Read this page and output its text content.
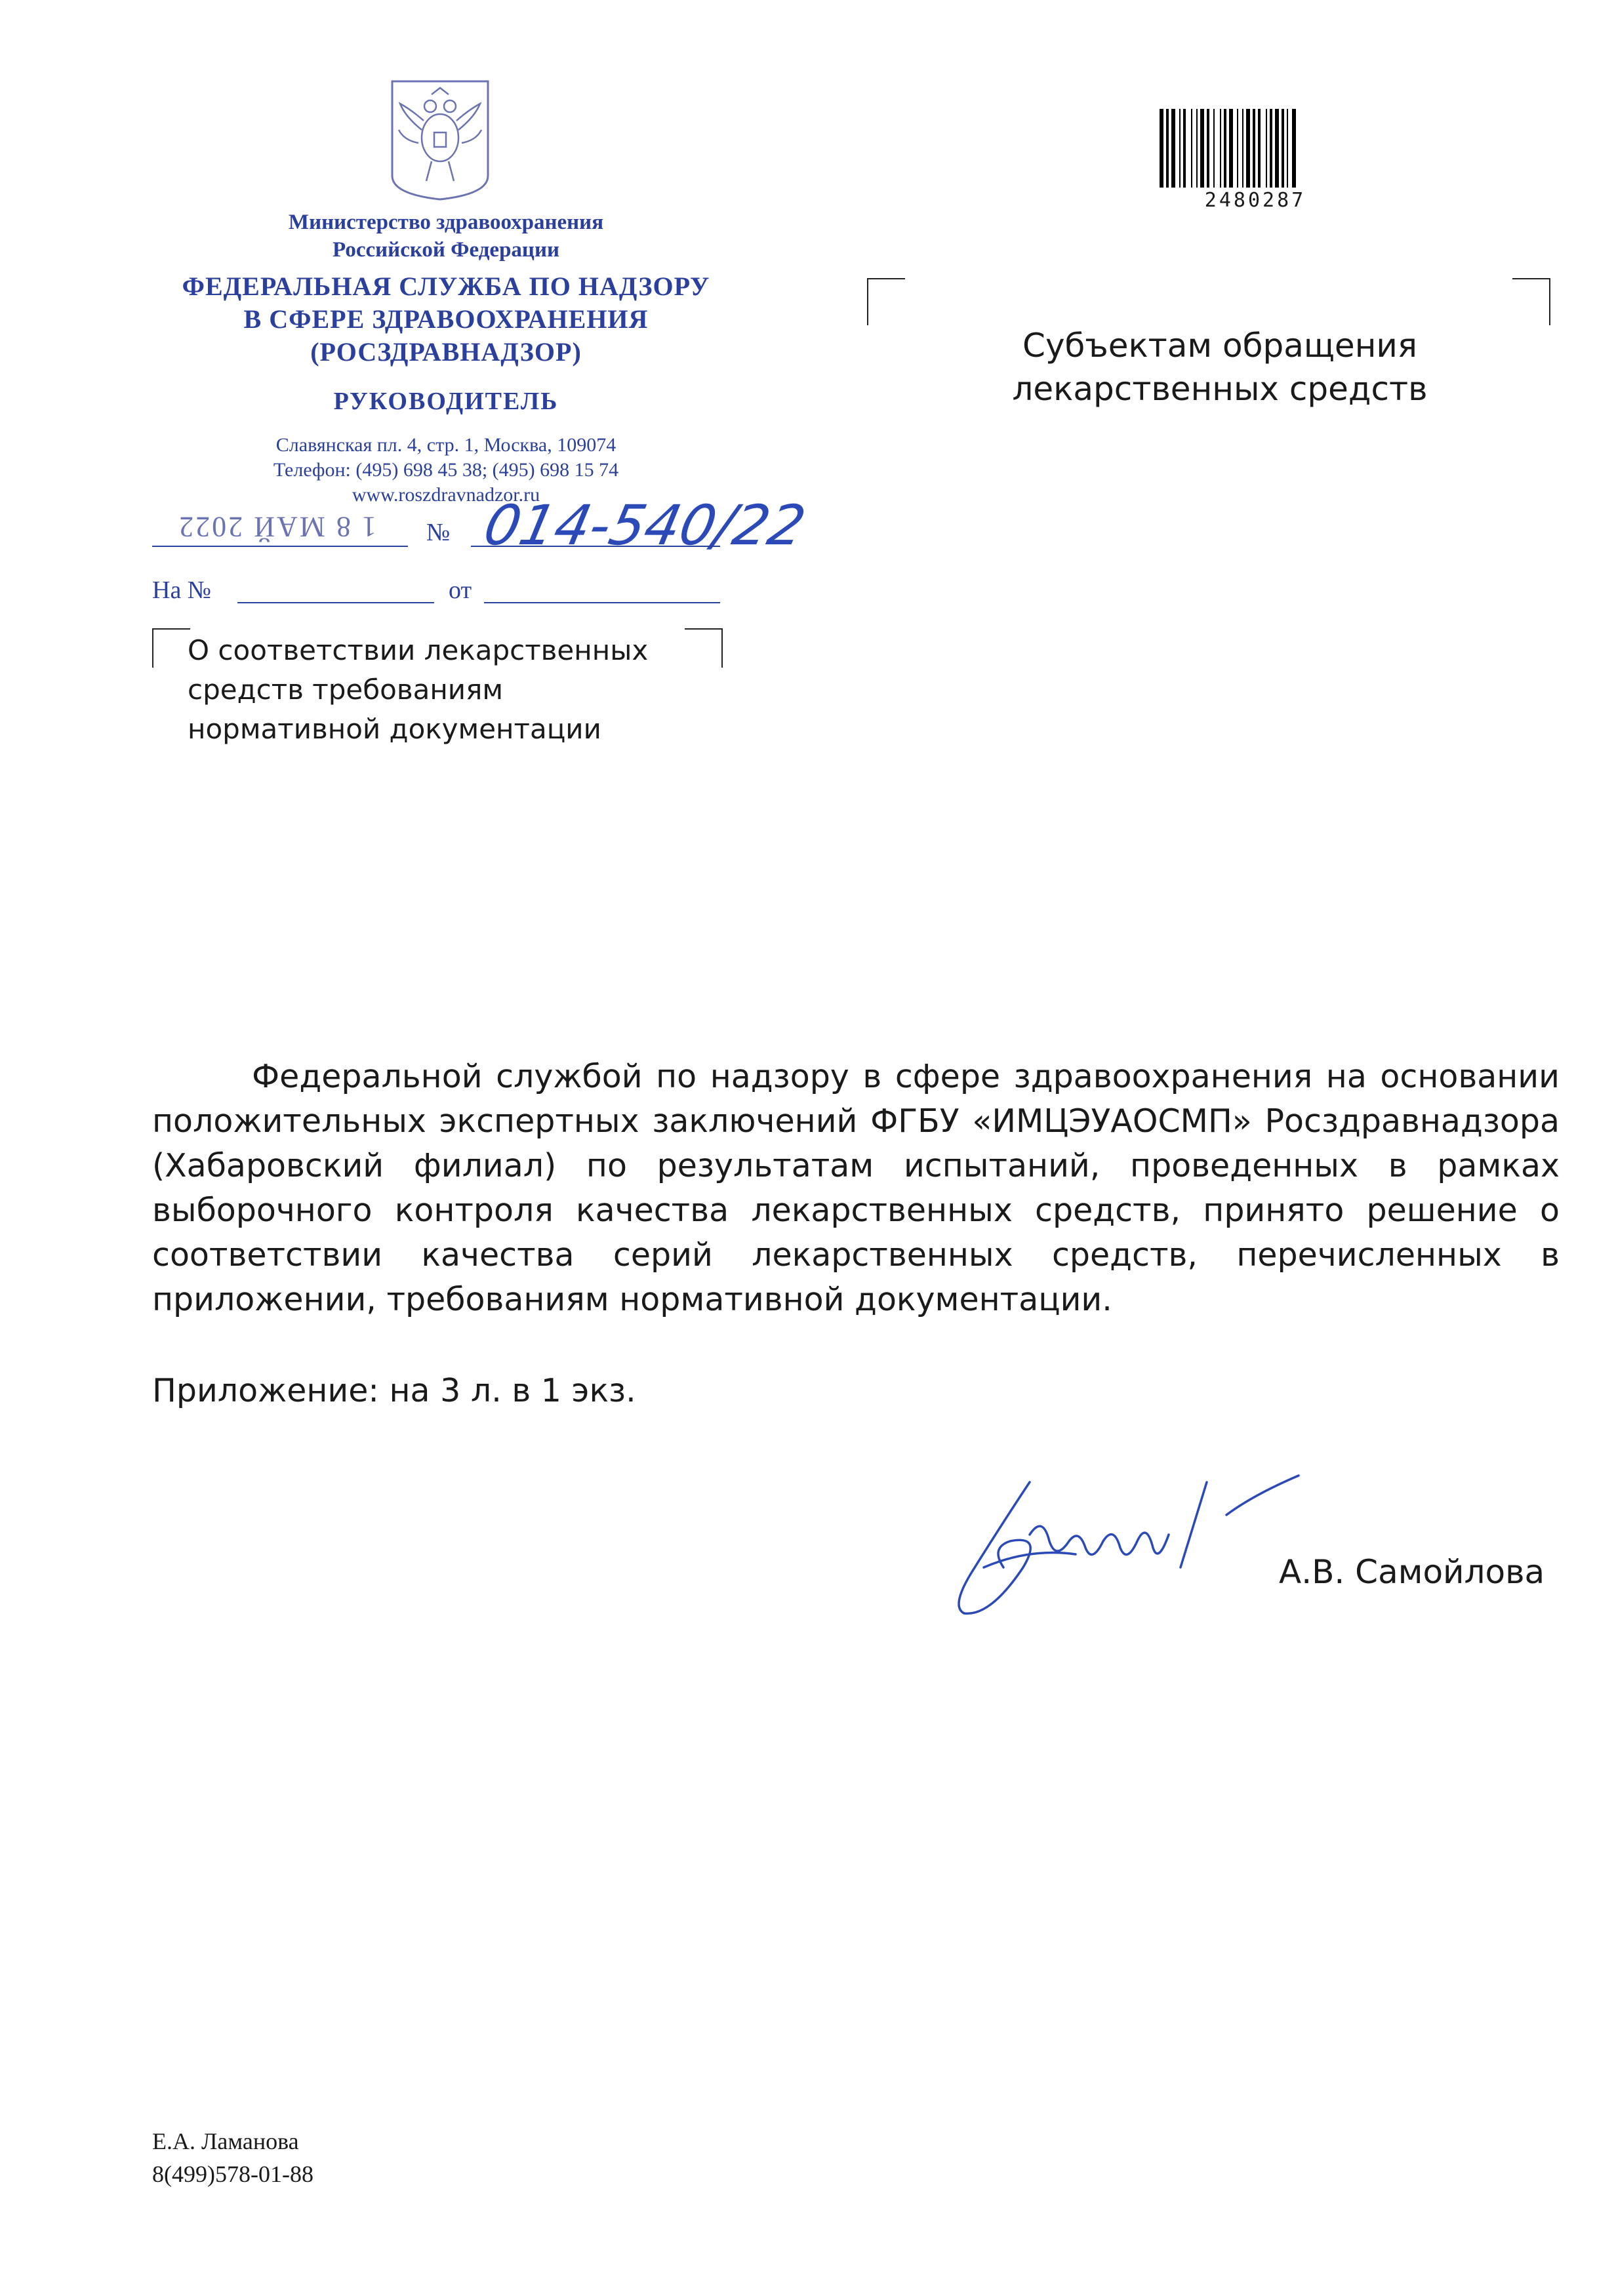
Министерство здравоохранения
Российской Федерации
ФЕДЕРАЛЬНАЯ СЛУЖБА ПО НАДЗОРУ
В СФЕРЕ ЗДРАВООХРАНЕНИЯ
(РОСЗДРАВНАДЗОР)
РУКОВОДИТЕЛЬ
Славянская пл. 4, стр. 1, Москва, 109074
Телефон: (495) 698 45 38; (495) 698 15 74
www.roszdravnadzor.ru
1 8 МАЙ 2022	№ 014-540/22
На №	от
О соответствии лекарственных
средств требованиям
нормативной документации
Субъектам обращения
лекарственных средств
2480287

Федеральной службой по надзору в сфере здравоохранения на основании положительных экспертных заключений ФГБУ «ИМЦЭУАОСМП» Росздравнадзора (Хабаровский филиал) по результатам испытаний, проведенных в рамках выборочного контроля качества лекарственных средств, принято решение о соответствии качества серий лекарственных средств, перечисленных в приложении, требованиям нормативной документации.

Приложение: на 3 л. в 1 экз.
А.В. Самойлова
Е.А. Ламанова
8(499)578-01-88
